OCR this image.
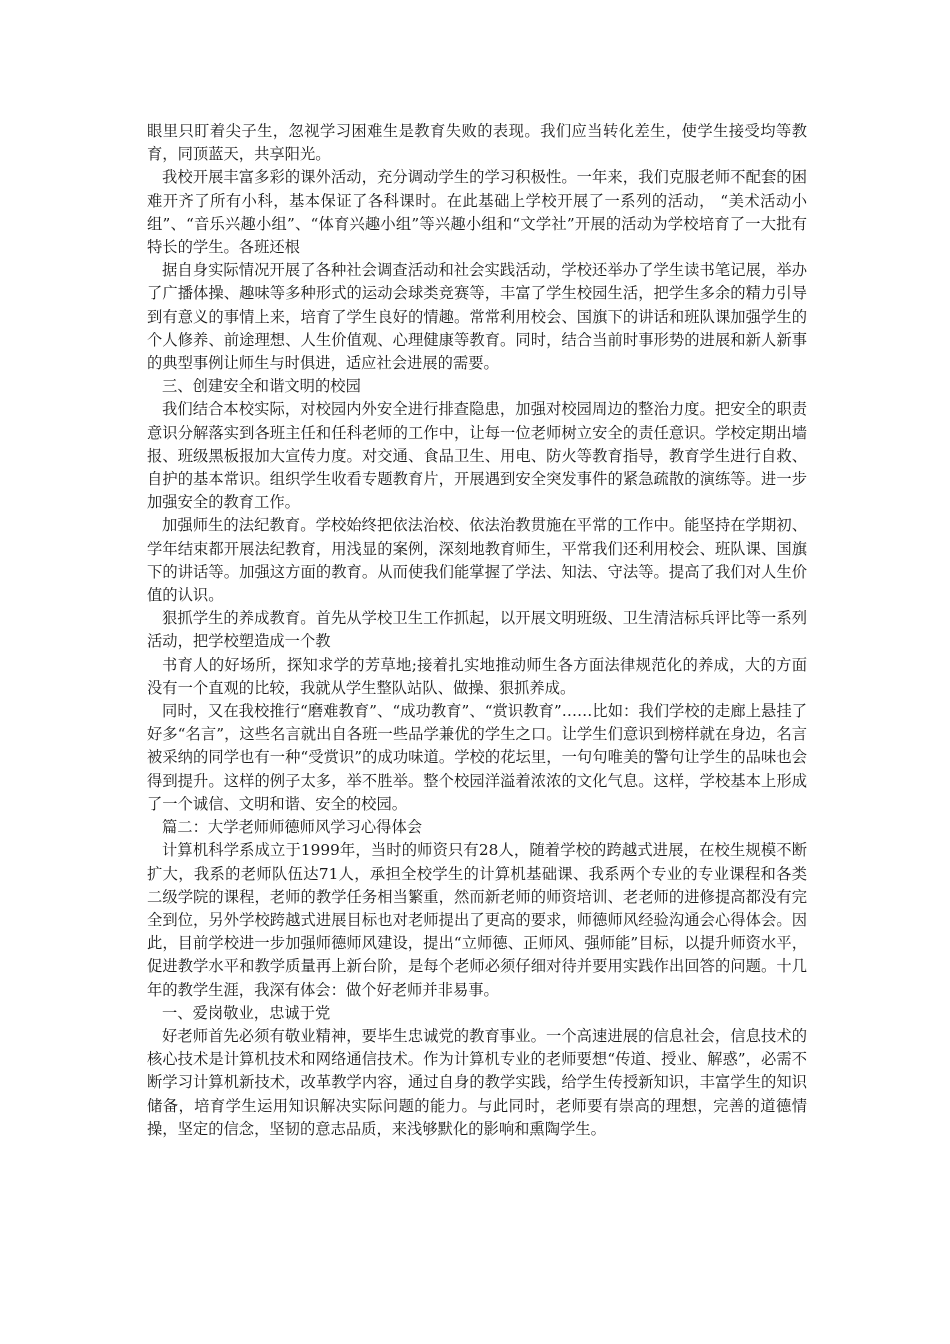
眼里只盯着尖子生，忽视学习困难生是教育失败的表现。我们应当转化差生，使学生接受均等教育，同顶蓝天，共享阳光。

我校开展丰富多彩的课外活动，充分调动学生的学习积极性。一年来，我们克服老师不配套的困难开齐了所有小科，基本保证了各科课时。在此基础上学校开展了一系列的活动， “美术活动小组”、“音乐兴趣小组”、“体育兴趣小组”等兴趣小组和“文学社”开展的活动为学校培育了一大批有特长的学生。各班还根

据自身实际情况开展了各种社会调查活动和社会实践活动，学校还举办了学生读书笔记展，举办了广播体操、趣味等多种形式的运动会球类竞赛等，丰富了学生校园生活，把学生多余的精力引导到有意义的事情上来，培育了学生良好的情趣。常常利用校会、国旗下的讲话和班队课加强学生的个人修养、前途理想、人生价值观、心理健康等教育。同时，结合当前时事形势的进展和新人新事的典型事例让师生与时俱进，适应社会进展的需要。

三、创建安全和谐文明的校园

我们结合本校实际，对校园内外安全进行排查隐患，加强对校园周边的整治力度。把安全的职责意识分解落实到各班主任和任科老师的工作中，让每一位老师树立安全的责任意识。学校定期出墙报、班级黑板报加大宣传力度。对交通、食品卫生、用电、防火等教育指导，教育学生进行自救、自护的基本常识。组织学生收看专题教育片，开展遇到安全突发事件的紧急疏散的演练等。进一步加强安全的教育工作。

加强师生的法纪教育。学校始终把依法治校、依法治教贯施在平常的工作中。能坚持在学期初、学年结束都开展法纪教育，用浅显的案例，深刻地教育师生，平常我们还利用校会、班队课、国旗下的讲话等。加强这方面的教育。从而使我们能掌握了学法、知法、守法等。提高了我们对人生价值的认识。

狠抓学生的养成教育。首先从学校卫生工作抓起，以开展文明班级、卫生清洁标兵评比等一系列活动，把学校塑造成一个教

书育人的好场所，探知求学的芳草地;接着扎实地推动师生各方面法律规范化的养成，大的方面没有一个直观的比较，我就从学生整队站队、做操、狠抓养成。

同时，又在我校推行“磨难教育”、“成功教育”、“赏识教育”……比如：我们学校的走廊上悬挂了好多“名言”，这些名言就出自各班一些品学兼优的学生之口。让学生们意识到榜样就在身边，名言被采纳的同学也有一种“受赏识”的成功味道。学校的花坛里，一句句唯美的警句让学生的品味也会得到提升。这样的例子太多，举不胜举。整个校园洋溢着浓浓的文化气息。这样，学校基本上形成了一个诚信、文明和谐、安全的校园。

篇二：大学老师师德师风学习心得体会

计算机科学系成立于1999年，当时的师资只有28人，随着学校的跨越式进展，在校生规模不断扩大，我系的老师队伍达71人，承担全校学生的计算机基础课、我系两个专业的专业课程和各类二级学院的课程，老师的教学任务相当繁重，然而新老师的师资培训、老老师的进修提高都没有完全到位，另外学校跨越式进展目标也对老师提出了更高的要求，师德师风经验沟通会心得体会。因此，目前学校进一步加强师德师风建设，提出“立师德、正师风、强师能”目标，以提升师资水平，促进教学水平和教学质量再上新台阶，是每个老师必须仔细对待并要用实践作出回答的问题。十几年的教学生涯，我深有体会：做个好老师并非易事。

一、爱岗敬业，忠诚于党

好老师首先必须有敬业精神，要毕生忠诚党的教育事业。一个高速进展的信息社会，信息技术的核心技术是计算机技术和网络通信技术。作为计算机专业的老师要想“传道、授业、解惑”，必需不断学习计算机新技术，改革教学内容，通过自身的教学实践，给学生传授新知识，丰富学生的知识储备，培育学生运用知识解决实际问题的能力。与此同时，老师要有崇高的理想，完善的道德情操，坚定的信念，坚韧的意志品质，来浅够默化的影响和熏陶学生。
